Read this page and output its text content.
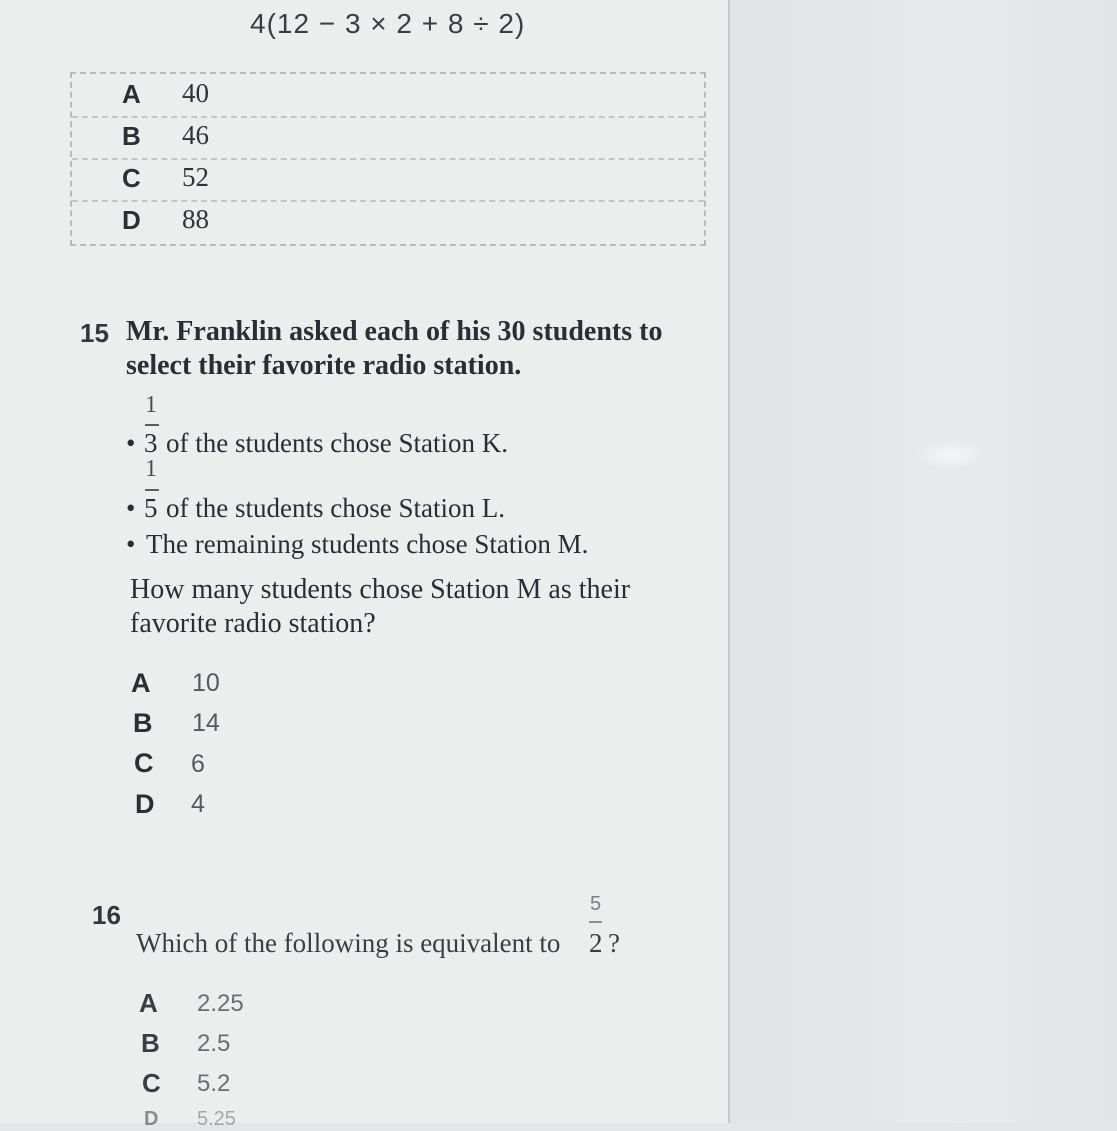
4(12 − 3 × 2 + 8 ÷ 2)
A 40
B 46
C 52
D 88
15 Mr. Franklin asked each of his 30 students to
select their favorite radio station.
1
• 3 of the students chose Station K.
1
• 5 of the students chose Station L.
• The remaining students chose Station M.
How many students chose Station M as their
favorite radio station?
A 10
B 14
C 6
D 4
16	5
Which of the following is equivalent to 2 ?
A 2.25
B 2.5
C 5.2
D 5.25
